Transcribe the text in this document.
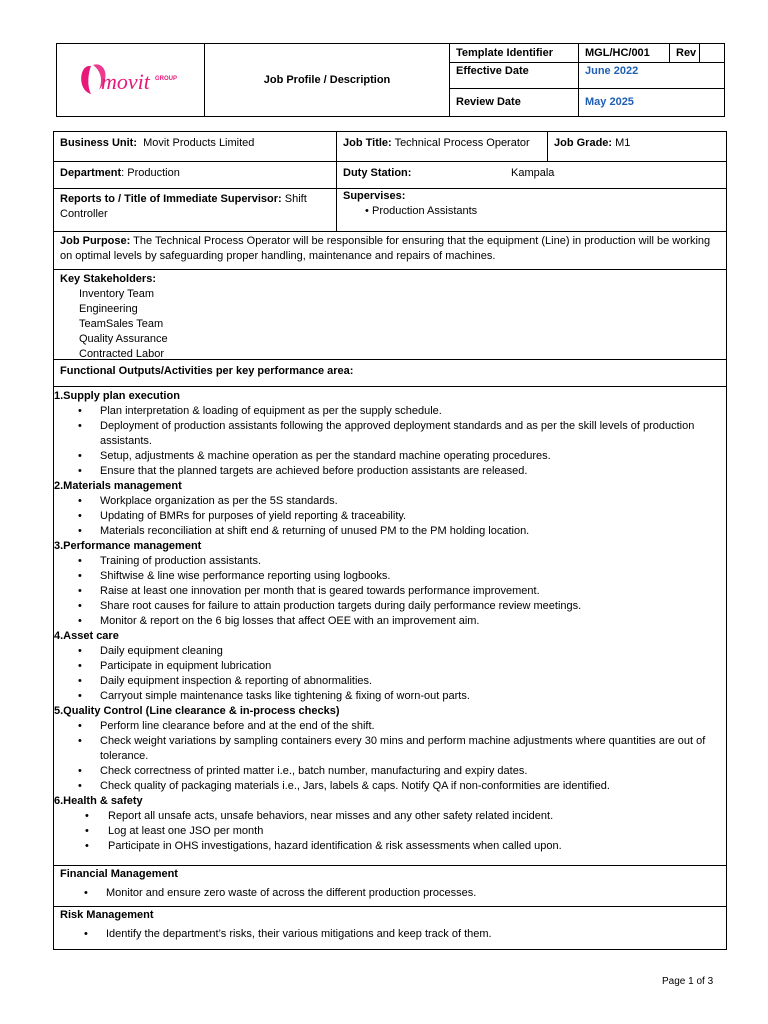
movit GROUP	Job Profile / Description
Template Identifier	MGL/HC/001	Rev
Effective Date	June 2022
Review Date	May 2025
Business Unit: Movit Products Limited	Job Title: Technical Process Operator	Job Grade: M1
Department: Production	Duty Station:	Kampala
Reports to / Title of Immediate Supervisor: Shift Controller
Supervises:
• Production Assistants
Job Purpose: The Technical Process Operator will be responsible for ensuring that the equipment (Line) in production will be working on optimal levels by safeguarding proper handling, maintenance and repairs of machines.
Key Stakeholders:
Inventory Team
Engineering
TeamSales Team
Quality Assurance
Contracted Labor
Functional Outputs/Activities per key performance area:
1.Supply plan execution
• Plan interpretation & loading of equipment as per the supply schedule.
• Deployment of production assistants following the approved deployment standards and as per the skill levels of production assistants.
• Setup, adjustments & machine operation as per the standard machine operating procedures.
• Ensure that the planned targets are achieved before production assistants are released.
2.Materials management
• Workplace organization as per the 5S standards.
• Updating of BMRs for purposes of yield reporting & traceability.
• Materials reconciliation at shift end & returning of unused PM to the PM holding location.
3.Performance management
• Training of production assistants.
• Shiftwise & line wise performance reporting using logbooks.
• Raise at least one innovation per month that is geared towards performance improvement.
• Share root causes for failure to attain production targets during daily performance review meetings.
• Monitor & report on the 6 big losses that affect OEE with an improvement aim.
4.Asset care
• Daily equipment cleaning
• Participate in equipment lubrication
• Daily equipment inspection & reporting of abnormalities.
• Carryout simple maintenance tasks like tightening & fixing of worn-out parts.
5.Quality Control (Line clearance & in-process checks)
• Perform line clearance before and at the end of the shift.
• Check weight variations by sampling containers every 30 mins and perform machine adjustments where quantities are out of tolerance.
• Check correctness of printed matter i.e., batch number, manufacturing and expiry dates.
• Check quality of packaging materials i.e., Jars, labels & caps. Notify QA if non-conformities are identified.
6.Health & safety
• Report all unsafe acts, unsafe behaviors, near misses and any other safety related incident.
• Log at least one JSO per month
• Participate in OHS investigations, hazard identification & risk assessments when called upon.
Financial Management
• Monitor and ensure zero waste of across the different production processes.
Risk Management
• Identify the department’s risks, their various mitigations and keep track of them.
Page 1 of 3
